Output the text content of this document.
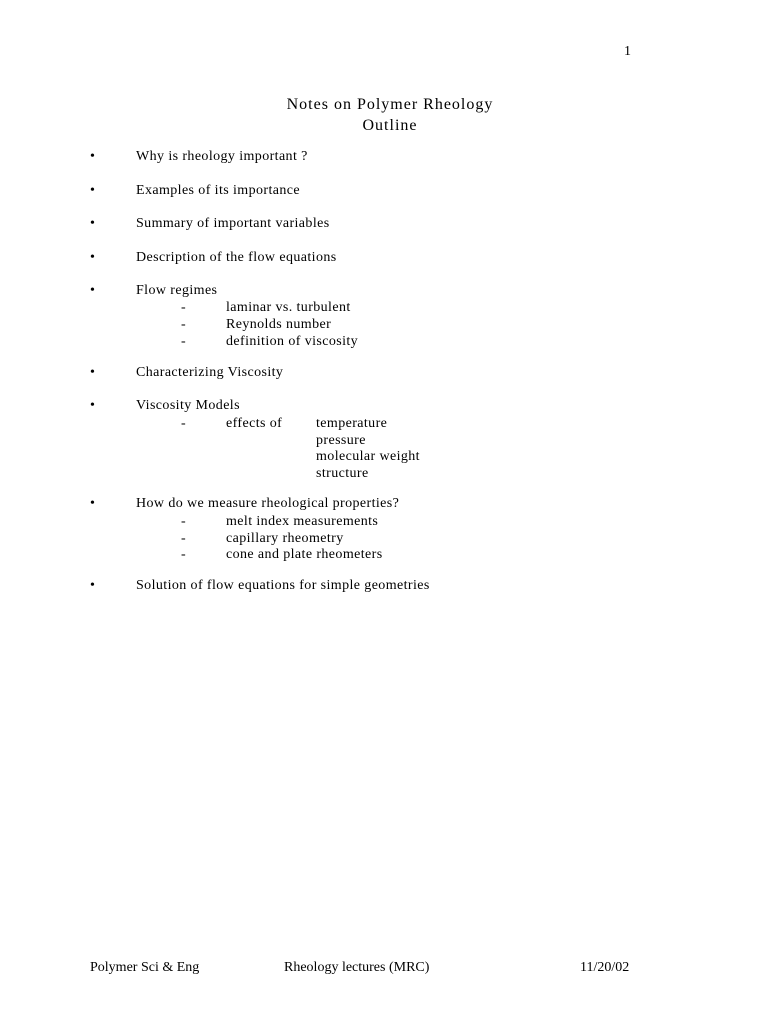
1
Notes on Polymer Rheology
Outline
•	Why is rheology important ?
•	Examples of its importance
•	Summary of important variables
•	Description of the flow equations
•	Flow regimes
-	laminar vs. turbulent
-	Reynolds number
-	definition of viscosity
•	Characterizing Viscosity
•	Viscosity Models
-	effects of temperature
pressure
molecular weight
structure
•	How do we measure rheological properties?
-	melt index measurements
-	capillary rheometry
-	cone and plate rheometers
•	Solution of flow equations for simple geometries
Polymer Sci & Eng	Rheology lectures (MRC)	11/20/02
